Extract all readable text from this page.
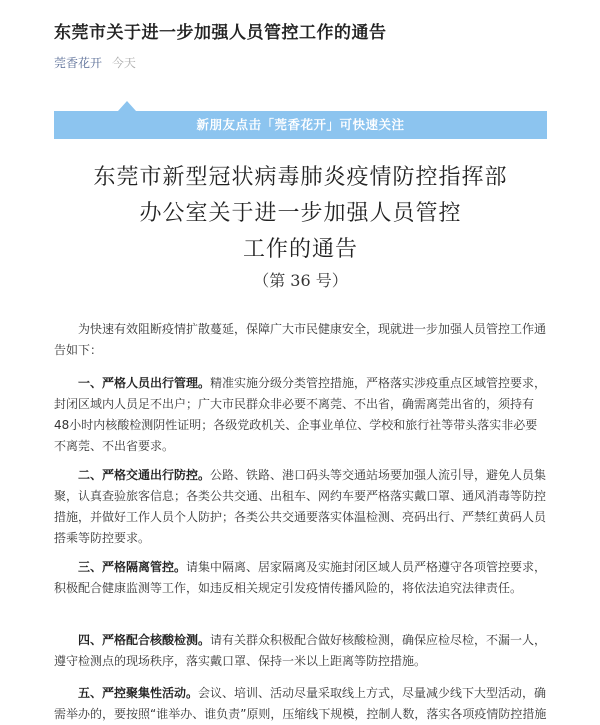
东莞市关于进一步加强人员管控工作的通告
莞香花开 今天
新朋友点击「莞香花开」可快速关注
东莞市新型冠状病毒肺炎疫情防控指挥部
办公室关于进一步加强人员管控
工作的通告
（第 36 号）
为快速有效阻断疫情扩散蔓延，保障广大市民健康安全，现就进一步加强人员管控工作通告如下：
一、严格人员出行管理。精准实施分级分类管控措施，严格落实涉疫重点区域管控要求，封闭区域内人员足不出户；广大市民群众非必要不离莞、不出省，确需离莞出省的，须持有48小时内核酸检测阴性证明；各级党政机关、企事业单位、学校和旅行社等带头落实非必要不离莞、不出省要求。
二、严格交通出行防控。公路、铁路、港口码头等交通站场要加强人流引导，避免人员集聚，认真查验旅客信息；各类公共交通、出租车、网约车要严格落实戴口罩、通风消毒等防控措施，并做好工作人员个人防护；各类公共交通要落实体温检测、亮码出行、严禁红黄码人员搭乘等防控要求。
三、严格隔离管控。请集中隔离、居家隔离及实施封闭区域人员严格遵守各项管控要求，积极配合健康监测等工作，如违反相关规定引发疫情传播风险的，将依法追究法律责任。
四、严格配合核酸检测。请有关群众积极配合做好核酸检测，确保应检尽检，不漏一人，遵守检测点的现场秩序，落实戴口罩、保持一米以上距离等防控措施。
五、严控聚集性活动。会议、培训、活动尽量采取线上方式，尽量减少线下大型活动，确需举办的，要按照“谁举办、谁负责”原则，压缩线下规模，控制人数，落实各项疫情防控措施
